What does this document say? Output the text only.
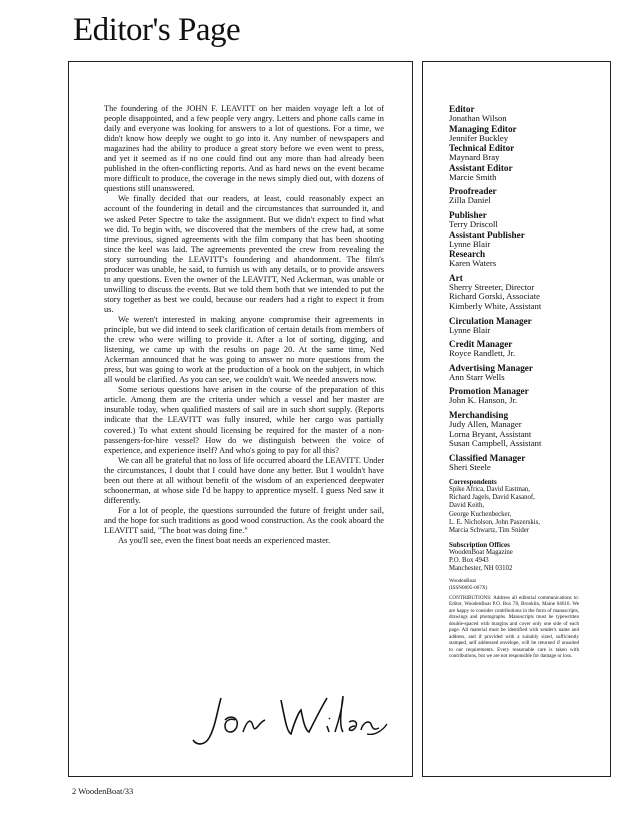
Editor's Page

The foundering of the JOHN F. LEAVITT on her maiden voyage left a lot of people disappointed, and a few people very angry. Letters and phone calls came in daily and everyone was looking for answers to a lot of questions. For a time, we didn't know how deeply we ought to go into it. Any number of newspapers and magazines had the ability to produce a great story before we even went to press, and yet it seemed as if no one could find out any more than had already been published in the often-conflicting reports. And as hard news on the event became more difficult to produce, the coverage in the news simply died out, with dozens of questions still unanswered.

We finally decided that our readers, at least, could reasonably expect an account of the foundering in detail and the circumstances that surrounded it, and we asked Peter Spectre to take the assignment. But we didn't expect to find what we did. To begin with, we discovered that the members of the crew had, at some time previous, signed agreements with the film company that has been shooting since the keel was laid. The agreements prevented the crew from revealing the story surrounding the LEAVITT's foundering and abandonment. The film's producer was unable, he said, to furnish us with any details, or to provide answers to any questions. Even the owner of the LEAVITT, Ned Ackerman, was unable or unwilling to discuss the events. But we told them both that we intended to put the story together as best we could, because our readers had a right to expect it from us.

We weren't interested in making anyone compromise their agreements in principle, but we did intend to seek clarification of certain details from members of the crew who were willing to provide it. After a lot of sorting, digging, and listening, we came up with the results on page 20. At the same time, Ned Ackerman announced that he was going to answer no more questions from the press, but was going to work at the production of a book on the subject, in which all would be clarified. As you can see, we couldn't wait. We needed answers now.

Some serious questions have arisen in the course of the preparation of this article. Among them are the criteria under which a vessel and her master are insurable today, when qualified masters of sail are in such short supply. (Reports indicate that the LEAVITT was fully insured, while her cargo was partially covered.) To what extent should licensing be required for the master of a non-passengers-for-hire vessel? How do we distinguish between the voice of experience, and experience itself? And who's going to pay for all this?

We can all be grateful that no loss of life occurred aboard the LEAVITT. Under the circumstances, I doubt that I could have done any better. But I wouldn't have been out there at all without benefit of the wisdom of an experienced deepwater schoonerman, at whose side I'd be happy to apprentice myself. I guess Ned saw it differently.

For a lot of people, the questions surrounded the future of freight under sail, and the hope for such traditions as good wood construction. As the cook aboard the LEAVITT said, "The boat was doing fine."

As you'll see, even the finest boat needs an experienced master.

Editor
Jonathan Wilson
Managing Editor
Jennifer Buckley
Technical Editor
Maynard Bray
Assistant Editor
Marcie Smith
Proofreader
Zilla Daniel
Publisher
Terry Driscoll
Assistant Publisher
Lynne Blair
Research
Karen Waters
Art
Sherry Streeter, Director
Richard Gorski, Associate
Kimberly White, Assistant
Circulation Manager
Lynne Blair
Credit Manager
Royce Randlett, Jr.
Advertising Manager
Ann Starr Wells
Promotion Manager
John K. Hanson, Jr.
Merchandising
Judy Allen, Manager
Lorna Bryant, Assistant
Susan Campbell, Assistant
Classified Manager
Sheri Steele
Correspondents
Spike Africa, David Eastman,
Richard Jagels, David Kasanof,
David Keith,
George Kuchenbecker,
L. E. Nicholson, John Paszerskis,
Marcia Schwartz, Tim Snider
Subscription Offices
WoodenBoat Magazine
P.O. Box 4943
Manchester, NH 03102
WoodenBoat
(ISSN0095-067X)
CONTRIBUTIONS: Address all editorial communications to: Editor, WoodenBoat P.O. Box 78, Brooklin, Maine 04616. We are happy to consider contributions in the form of manuscripts, drawings and photographs. Manuscripts must be typewritten double-spaced with margins and cover only one side of each page. All material must be identified with sender's name and address, and if provided with a suitably sized, sufficiently stamped, self addressed envelope, will be returned if unsuited to our requirements. Every reasonable care is taken with contributions, but we are not responsible for damage or loss.
2 WoodenBoat/33
